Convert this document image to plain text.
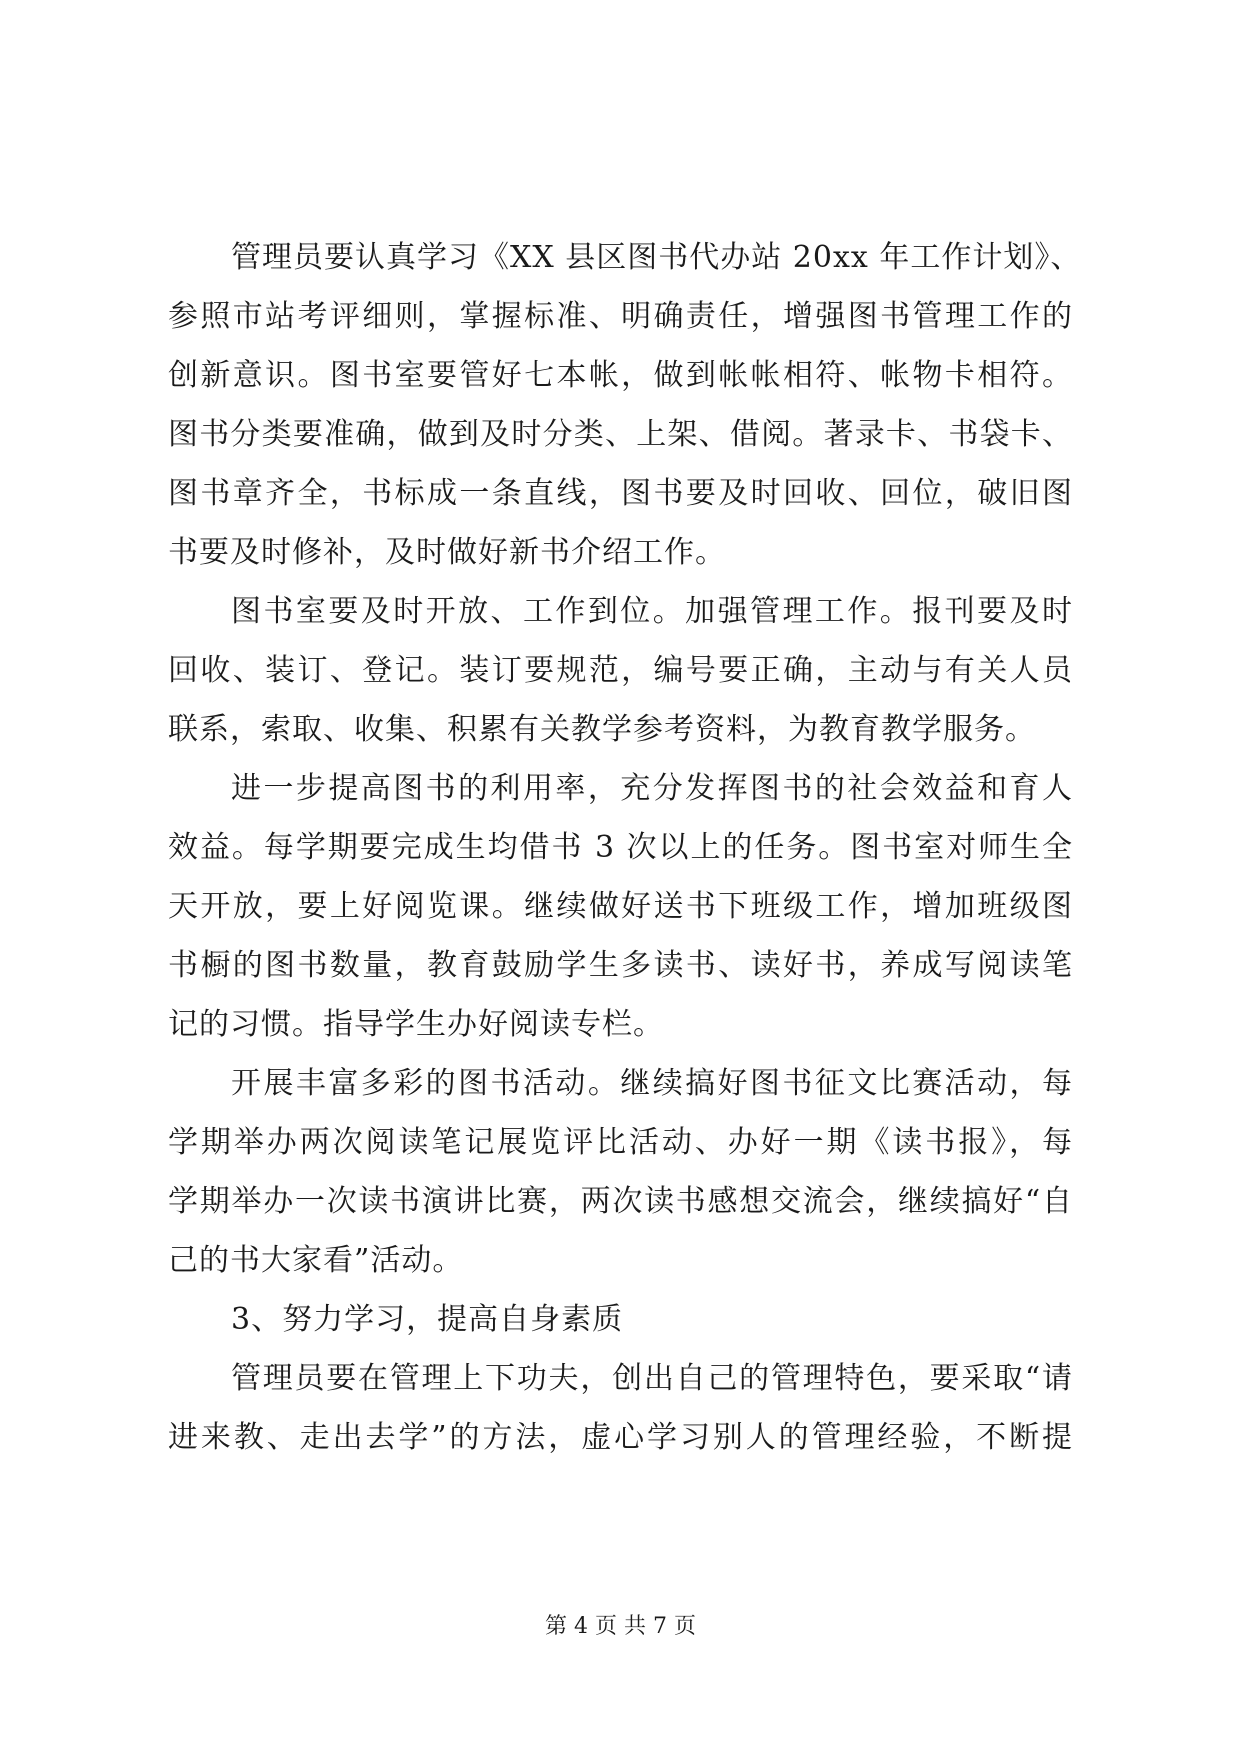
管理员要认真学习《XX 县区图书代办站 20xx 年工作计划》、
参照市站考评细则，掌握标准、明确责任，增强图书管理工作的
创新意识。图书室要管好七本帐，做到帐帐相符、帐物卡相符。
图书分类要准确，做到及时分类、上架、借阅。著录卡、书袋卡、
图书章齐全，书标成一条直线，图书要及时回收、回位，破旧图
书要及时修补，及时做好新书介绍工作。
图书室要及时开放、工作到位。加强管理工作。报刊要及时
回收、装订、登记。装订要规范，编号要正确，主动与有关人员
联系，索取、收集、积累有关教学参考资料，为教育教学服务。
进一步提高图书的利用率，充分发挥图书的社会效益和育人
效益。每学期要完成生均借书 3 次以上的任务。图书室对师生全
天开放，要上好阅览课。继续做好送书下班级工作，增加班级图
书橱的图书数量，教育鼓励学生多读书、读好书，养成写阅读笔
记的习惯。指导学生办好阅读专栏。
开展丰富多彩的图书活动。继续搞好图书征文比赛活动，每
学期举办两次阅读笔记展览评比活动、办好一期《读书报》，每
学期举办一次读书演讲比赛，两次读书感想交流会，继续搞好“自
己的书大家看”活动。
3、努力学习，提高自身素质
管理员要在管理上下功夫，创出自己的管理特色，要采取“请
进来教、走出去学”的方法，虚心学习别人的管理经验，不断提
第 4 页 共 7 页
